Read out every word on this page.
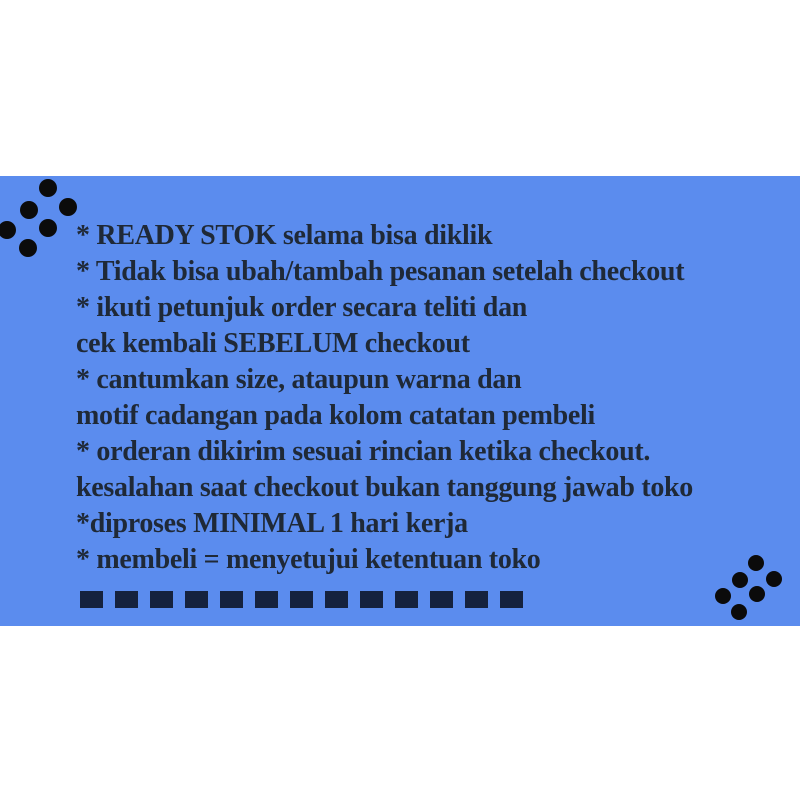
* READY STOK selama bisa diklik
* Tidak bisa ubah/tambah pesanan setelah checkout
* ikuti petunjuk order secara teliti dan
cek kembali SEBELUM checkout
* cantumkan size, ataupun warna dan
motif cadangan pada kolom catatan pembeli
* orderan dikirim sesuai rincian ketika checkout.
kesalahan saat checkout bukan tanggung jawab toko
*diproses MINIMAL 1 hari kerja
* membeli = menyetujui ketentuan toko
